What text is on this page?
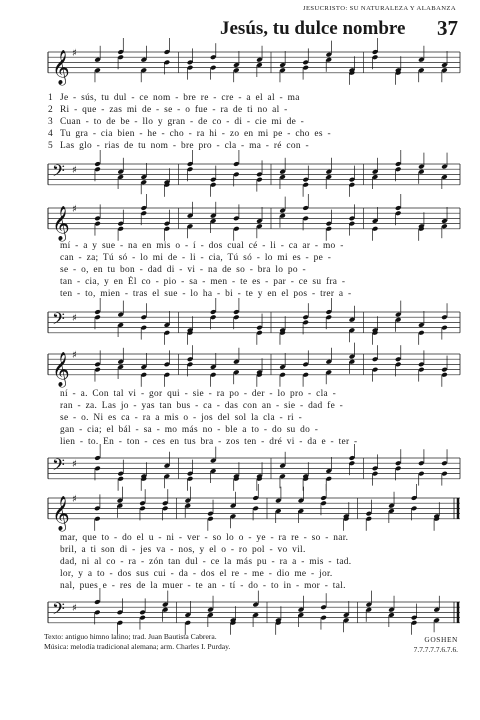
JESUCRISTO: SU NATURALEZA Y ALABANZA
Jesús, tu dulce nombre 37
𝄞 ♯
1 Je - sús, tu dul - ce nom - bre re - cre - a el al - ma
2 Ri - que - zas mi de - se - o fue - ra de ti no al -
3 Cuan - to de be - llo y gran - de co - di - cie mi de -
4 Tu gra - cia bien - he - cho - ra hi - zo en mi pe - cho es -
5 Las glo - rias de tu nom - bre pro - cla - ma - ré con -
𝄢 ♯
𝄞 ♯
mí - a y sue - na en mis o - í - dos cual cé - li - ca ar - mo -
can - za; Tú só - lo mi de - li - cia, Tú só - lo mi es - pe -
se - o, en tu bon - dad di - vi - na de so - bra lo po -
tan - cia, y en Él co - pio - sa - men - te es - par - ce su fra -
ten - to, mien - tras el sue - lo ha - bi - te y en el pos - trer a -
𝄢 ♯
𝄞 ♯
ní - a. Con tal vi - gor qui - sie - ra po - der - lo pro - cla -
ran - za. Las jo - yas tan bus - ca - das con an - sie - dad fe -
se - o. Ni es ca - ra a mis o - jos del sol la cla - ri -
gan - cia; el bál - sa - mo más no - ble a to - do su do -
lien - to. En - ton - ces en tus bra - zos ten - dré vi - da e - ter -
𝄢 ♯
𝄞 ♯
mar, que to - do el u - ni - ver - so lo o - ye - ra re - so - nar.
bril, a ti son di - jes va - nos, y el o - ro pol - vo vil.
dad, ni al co - ra - zón tan dul - ce la más pu - ra a - mis - tad.
lor, y a to - dos sus cui - da - dos el re - me - dio me - jor.
nal, pues e - res de la muer - te an - tí - do - to in - mor - tal.
𝄢 ♯
Texto: antiguo himno latino; trad. Juan Bautista Cabrera.
Música: melodía tradicional alemana; arm. Charles I. Purday.
GOSHEN
7.7.7.7.7.6.7.6.
